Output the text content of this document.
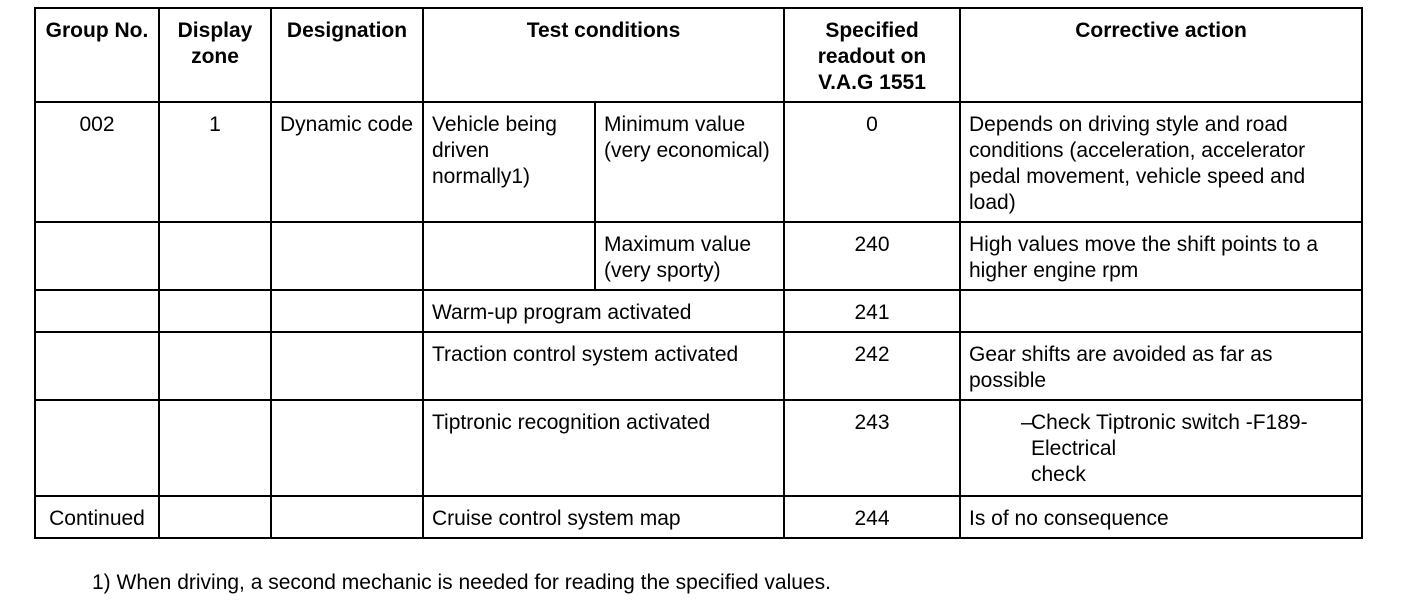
Group No.	Display zone	Designation	Test conditions		Specified readout on V.A.G 1551	Corrective action
002	1	Dynamic code	Vehicle being driven normally1)	Minimum value (very economical)	0	Depends on driving style and road conditions (acceleration, accelerator pedal movement, vehicle speed and load)
				Maximum value (very sporty)	240	High values move the shift points to a higher engine rpm
			Warm-up program activated		241	
			Traction control system activated		242	Gear shifts are avoided as far as possible
			Tiptronic recognition activated		243	–
Check Tiptronic switch -F189-
Electrical
check

Continued			Cruise control system map		244	Is of no consequence
1) When driving, a second mechanic is needed for reading the specified values.
